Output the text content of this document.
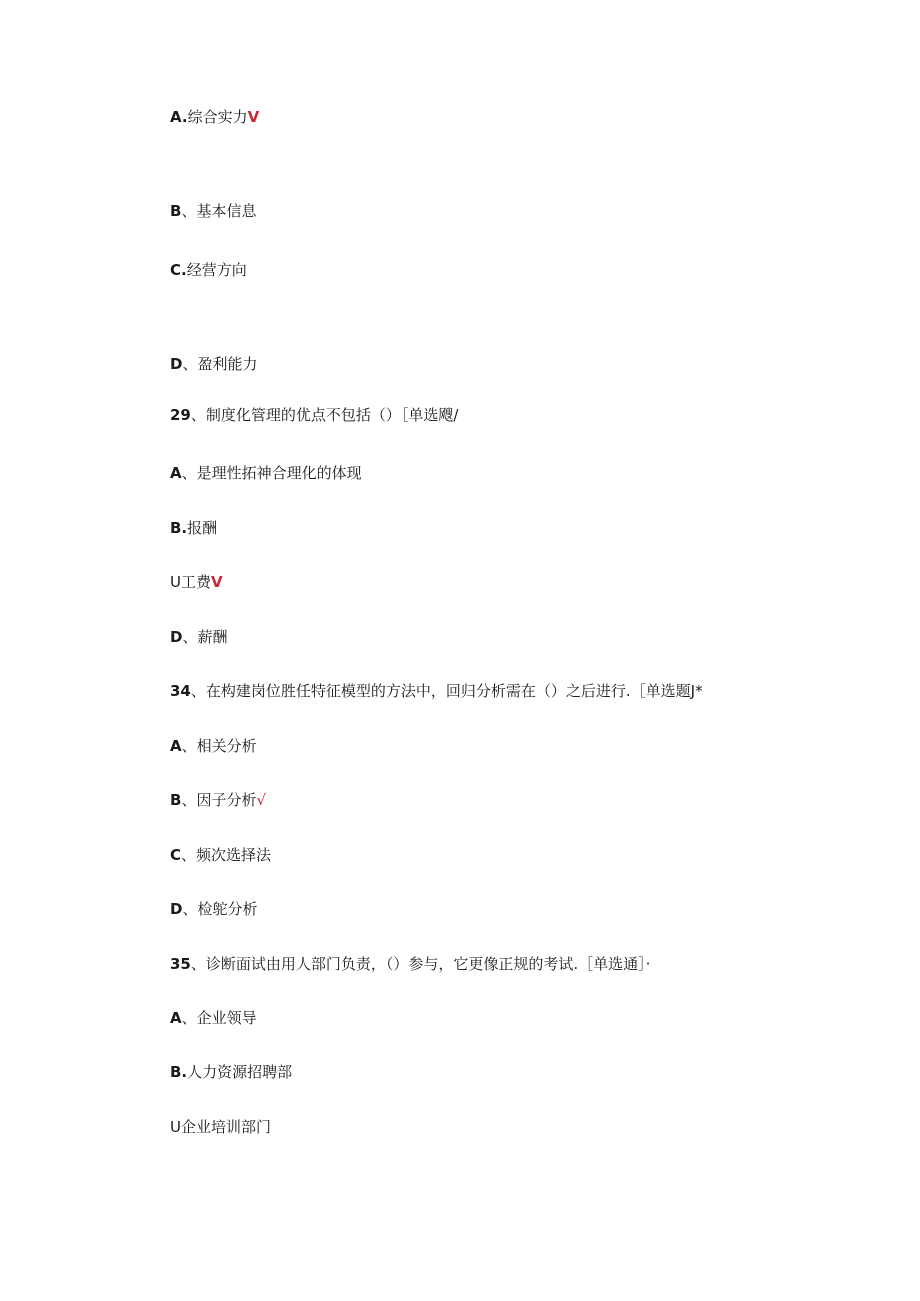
A.综合实力V
B、基本信息
C.经营方向
D、盈利能力
29、制度化管理的优点不包括（）［单选飕/
A、是理性拓神合理化的体现
B.报酬
U工费V
D、薪酬
34、在构建岗位胜任特征模型的方法中，回归分析需在（）之后进行.［单选题J*
A、相关分析
B、因子分析√
C、频次选择法
D、检鸵分析
35、诊断面试由用人部门负责，（）参与，它更像正规的考试.［单选通］·
A、企业领导
B.人力资源招聘部
U企业培训部门
